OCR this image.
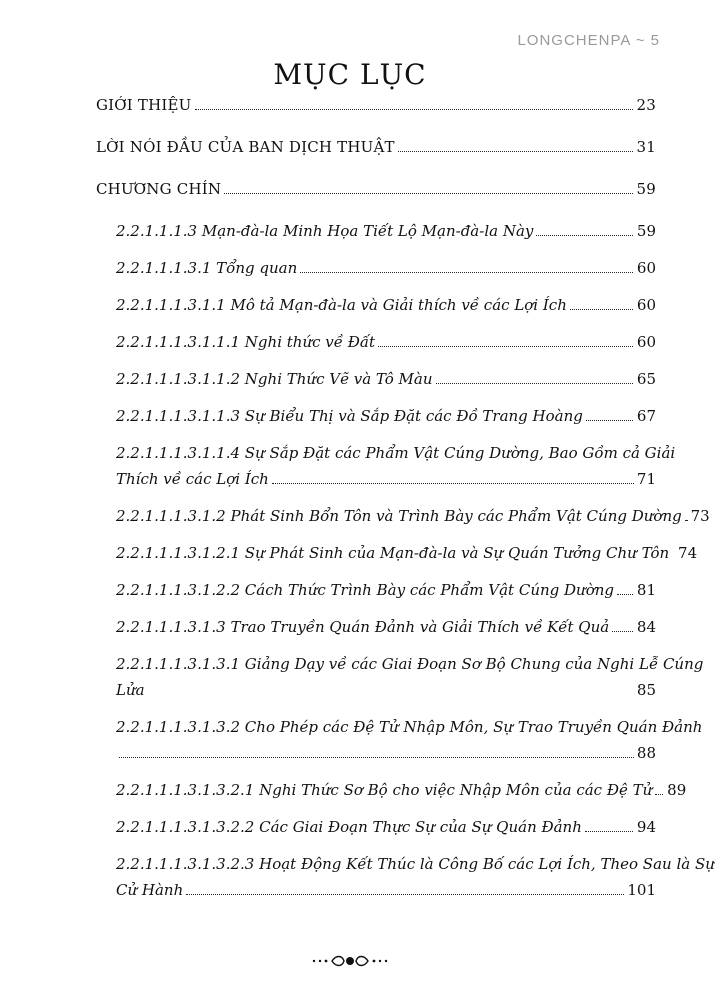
LONGCHENPA ~ 5
MỤC LỤC
GIỚI THIỆU	23
LỜI NÓI ĐẦU CỦA BAN DỊCH THUẬT	31
CHƯƠNG CHÍN	59
2.2.1.1.1.3 Mạn-đà-la Minh Họa Tiết Lộ Mạn-đà-la Này	59
2.2.1.1.1.3.1 Tổng quan	60
2.2.1.1.1.3.1.1 Mô tả Mạn-đà-la và Giải thích về các Lợi Ích	60
2.2.1.1.1.3.1.1.1 Nghi thức về Đất	60
2.2.1.1.1.3.1.1.2 Nghi Thức Vẽ và Tô Màu	65
2.2.1.1.1.3.1.1.3 Sự Biểu Thị và Sắp Đặt các Đồ Trang Hoàng	67
2.2.1.1.1.3.1.1.4 Sự Sắp Đặt các Phẩm Vật Cúng Dường, Bao Gồm cả Giải
Thích về các Lợi Ích	71
2.2.1.1.1.3.1.2 Phát Sinh Bổn Tôn và Trình Bày các Phẩm Vật Cúng Dường 73
2.2.1.1.1.3.1.2.1 Sự Phát Sinh của Mạn-đà-la và Sự Quán Tưởng Chư Tôn 74
2.2.1.1.1.3.1.2.2 Cách Thức Trình Bày các Phẩm Vật Cúng Dường 81
2.2.1.1.1.3.1.3 Trao Truyền Quán Đảnh và Giải Thích về Kết Quả 84
2.2.1.1.1.3.1.3.1 Giảng Dạy về các Giai Đoạn Sơ Bộ Chung của Nghi Lễ Cúng
Lửa	85
2.2.1.1.1.3.1.3.2 Cho Phép các Đệ Tử Nhập Môn, Sự Trao Truyền Quán Đảnh
88
2.2.1.1.1.3.1.3.2.1 Nghi Thức Sơ Bộ cho việc Nhập Môn của các Đệ Tử 89
2.2.1.1.1.3.1.3.2.2 Các Giai Đoạn Thực Sự của Sự Quán Đảnh	94
2.2.1.1.1.3.1.3.2.3 Hoạt Động Kết Thúc là Công Bố các Lợi Ích, Theo Sau là Sự
Cử Hành	101
